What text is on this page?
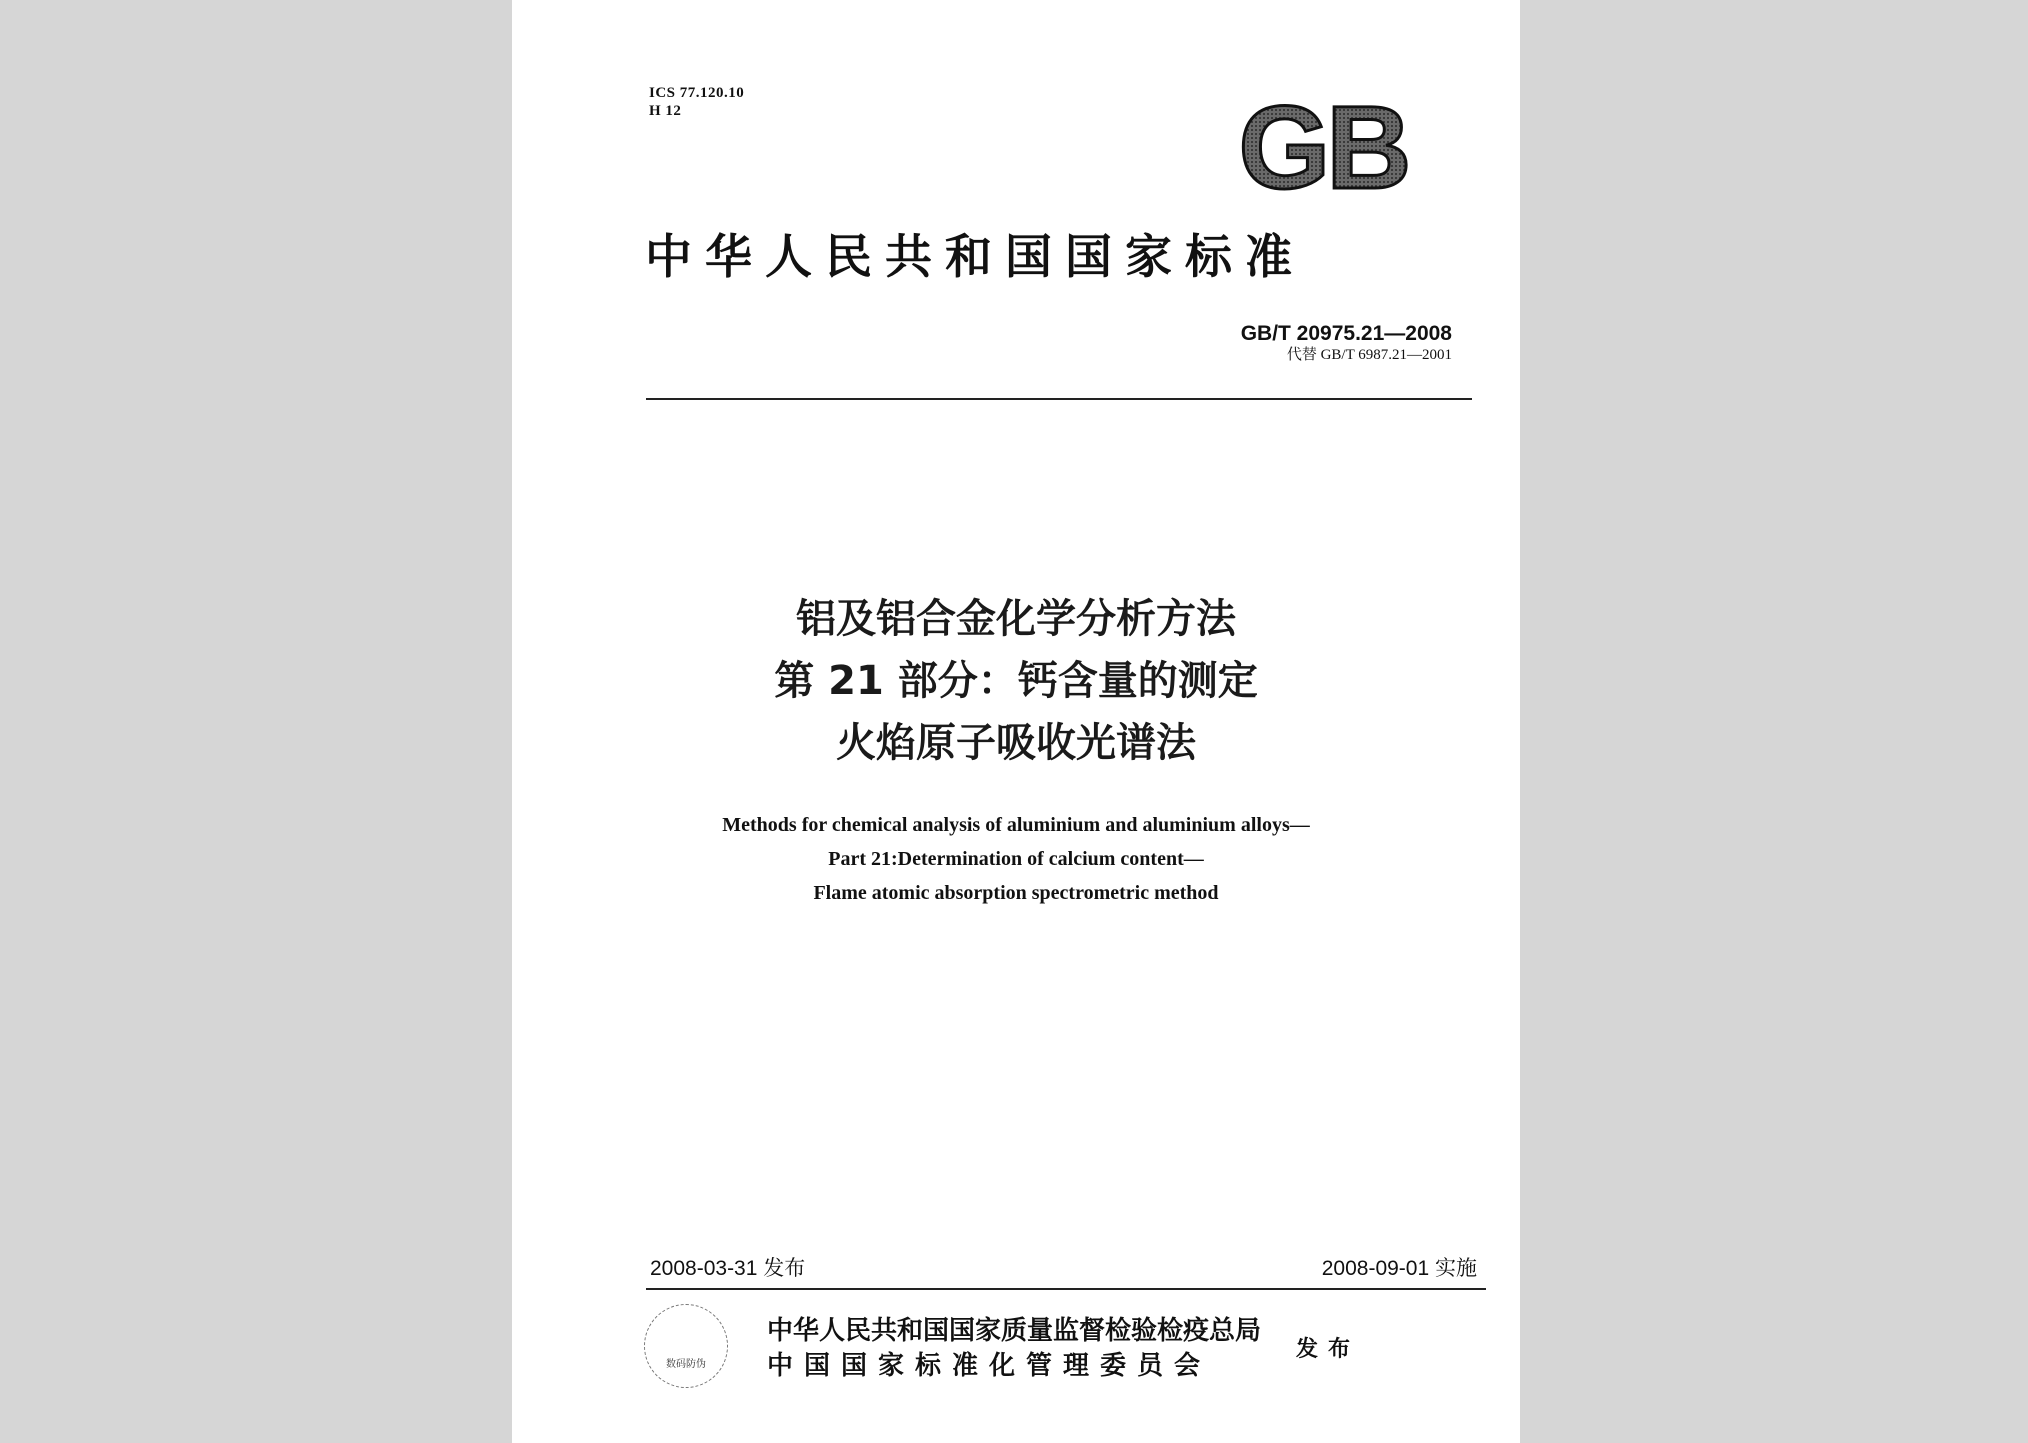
ICS 77.120.10
H 12	GB
中华人民共和国国家标准
GB/T 20975.21—2008
代替 GB/T 6987.21—2001
铝及铝合金化学分析方法
第 21 部分：钙含量的测定
火焰原子吸收光谱法
Methods for chemical analysis of aluminium and aluminium alloys—
Part 21:Determination of calcium content—
Flame atomic absorption spectrometric method
2008-03-31 发布	2008-09-01 实施
数码防伪
中华人民共和国国家质量监督检验检疫总局
中国国家标准化管理委员会
发布
